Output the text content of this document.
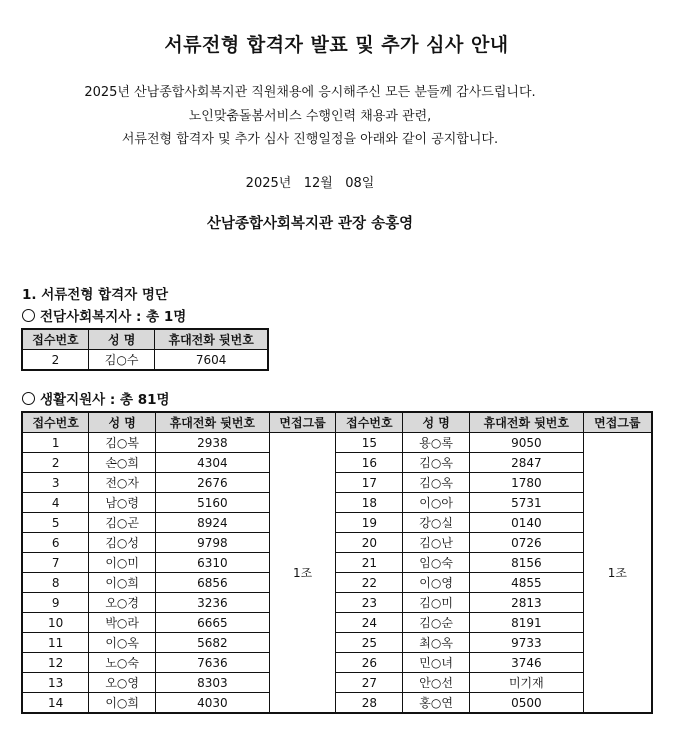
서류전형 합격자 발표 및 추가 심사 안내
2025년 산남종합사회복지관 직원채용에 응시해주신 모든 분들께 감사드립니다.
노인맞춤돌봄서비스 수행인력 채용과 관련,
서류전형 합격자 및 추가 심사 진행일정을 아래와 같이 공지합니다.
2025년   12월   08일
산남종합사회복지관 관장 송홍영
1. 서류전형 합격자 명단
전담사회복지사 : 총 1명
접수번호	성 명	휴대전화 뒷번호
2	김○수	7604
생활지원사 : 총 81명
접수번호	성 명	휴대전화 뒷번호	면접그룹	접수번호	성 명	휴대전화 뒷번호	면접그룹
1	김○복	2938	1조	15	용○록	9050	1조
2	손○희	4304		16	김○옥	2847	
3	전○자	2676		17	김○옥	1780	
4	남○령	5160		18	이○아	5731	
5	김○곤	8924		19	강○실	0140	
6	김○성	9798		20	김○난	0726	
7	이○미	6310		21	임○숙	8156	
8	이○희	6856		22	이○영	4855	
9	오○경	3236		23	김○미	2813	
10	박○라	6665		24	김○순	8191	
11	이○옥	5682		25	최○옥	9733	
12	노○숙	7636		26	민○녀	3746	
13	오○영	8303		27	안○선	미기재	
14	이○희	4030		28	홍○연	0500	
